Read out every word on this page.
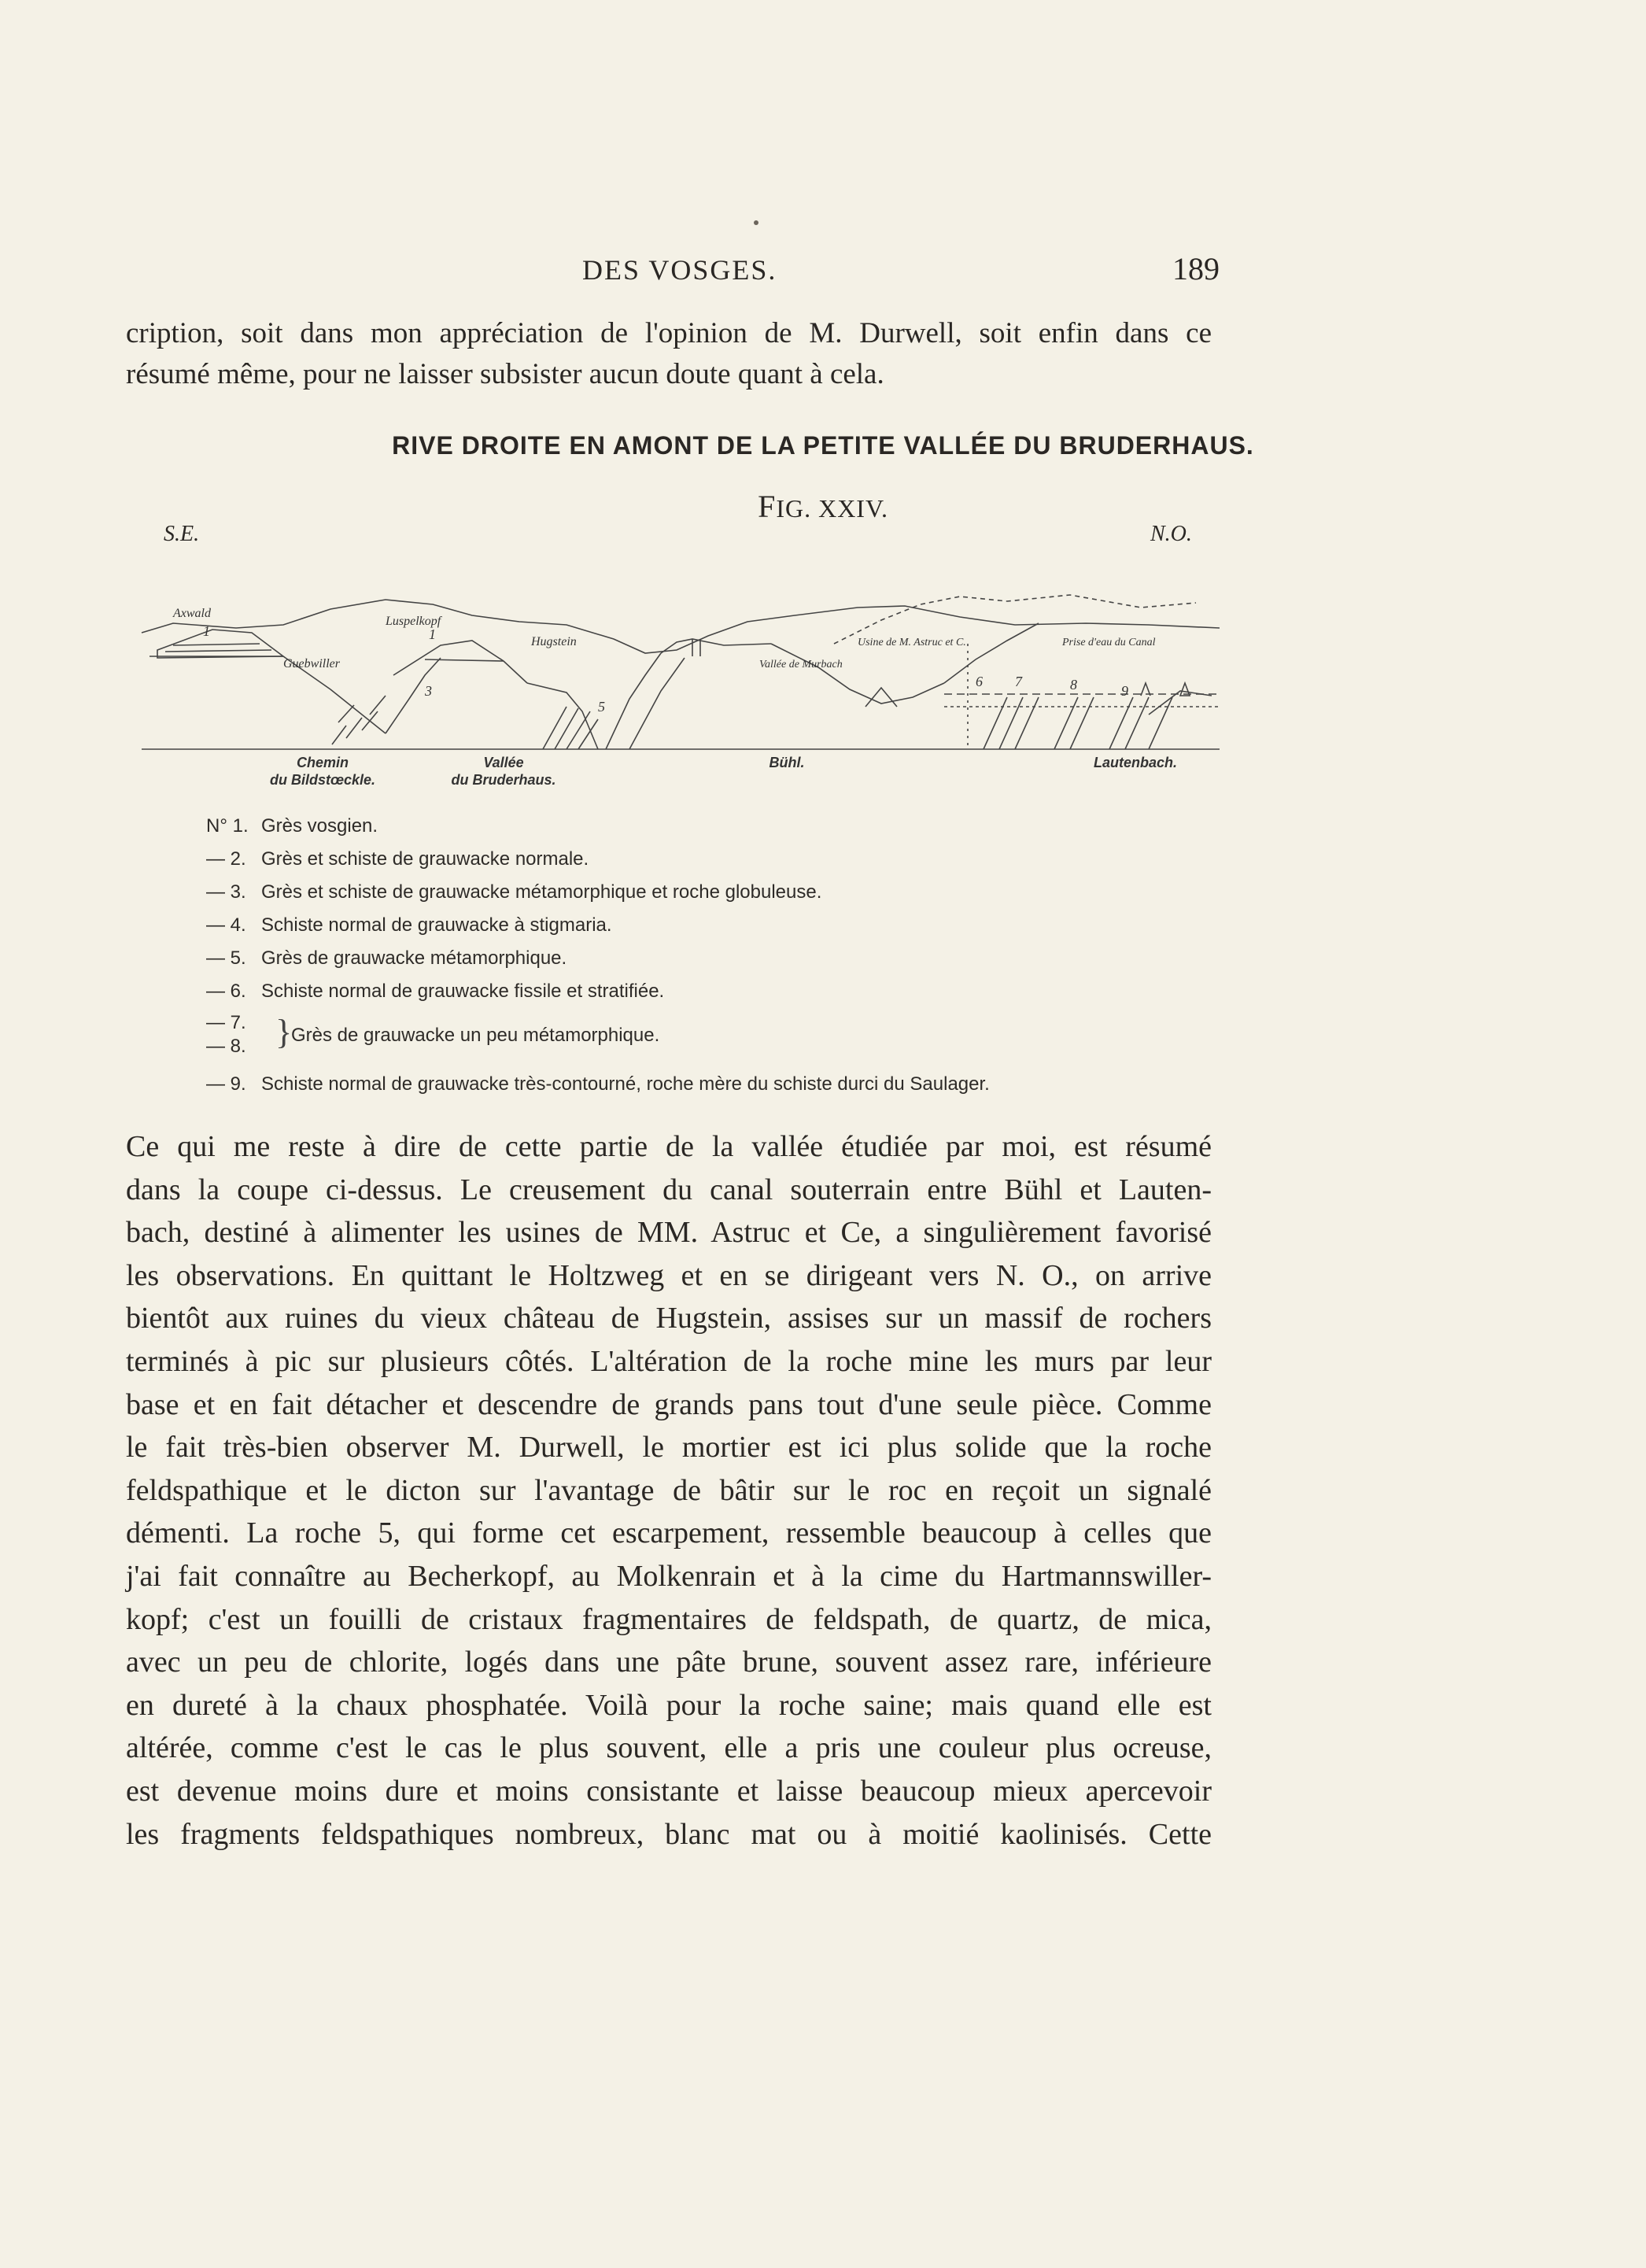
DES VOSGES.	189
cription, soit dans mon appréciation de l'opinion de M. Durwell, soit enfin dans ce
résumé même, pour ne laisser subsister aucun doute quant à cela.
RIVE DROITE EN AMONT DE LA PETITE VALLÉE DU BRUDERHAUS.
FIG. XXIV.
S.E.	N.O.
Axwald
Luspelkopf
Hugstein
Guebwiller	Vallée de Murbach
Usine de M. Astruc et C.	Prise d'eau du Canal
1	1
3
5
6 7	8	9
Chemin
du Bildstœckle.
Vallée
du Bruderhaus.
Bühl.	Lautenbach.
N° 1. Grès vosgien.
— 2. Grès et schiste de grauwacke normale.
— 3. Grès et schiste de grauwacke métamorphique et roche globuleuse.
— 4. Schiste normal de grauwacke à stigmaria.
— 5. Grès de grauwacke métamorphique.
— 6. Schiste normal de grauwacke fissile et stratifiée.
— 7.
— 8. }
Grès de grauwacke un peu métamorphique.
— 9. Schiste normal de grauwacke très-contourné, roche mère du schiste durci du Saulager.
Ce qui me reste à dire de cette partie de la vallée étudiée par moi, est résumé
dans la coupe ci-dessus. Le creusement du canal souterrain entre Bühl et Lauten-
bach, destiné à alimenter les usines de MM. Astruc et Ce, a singulièrement favorisé
les observations. En quittant le Holtzweg et en se dirigeant vers N. O., on arrive
bientôt aux ruines du vieux château de Hugstein, assises sur un massif de rochers
terminés à pic sur plusieurs côtés. L'altération de la roche mine les murs par leur
base et en fait détacher et descendre de grands pans tout d'une seule pièce. Comme
le fait très-bien observer M. Durwell, le mortier est ici plus solide que la roche
feldspathique et le dicton sur l'avantage de bâtir sur le roc en reçoit un signalé
démenti. La roche 5, qui forme cet escarpement, ressemble beaucoup à celles que
j'ai fait connaître au Becherkopf, au Molkenrain et à la cime du Hartmannswiller-
kopf; c'est un fouilli de cristaux fragmentaires de feldspath, de quartz, de mica,
avec un peu de chlorite, logés dans une pâte brune, souvent assez rare, inférieure
en dureté à la chaux phosphatée. Voilà pour la roche saine; mais quand elle est
altérée, comme c'est le cas le plus souvent, elle a pris une couleur plus ocreuse,
est devenue moins dure et moins consistante et laisse beaucoup mieux apercevoir
les fragments feldspathiques nombreux, blanc mat ou à moitié kaolinisés. Cette
